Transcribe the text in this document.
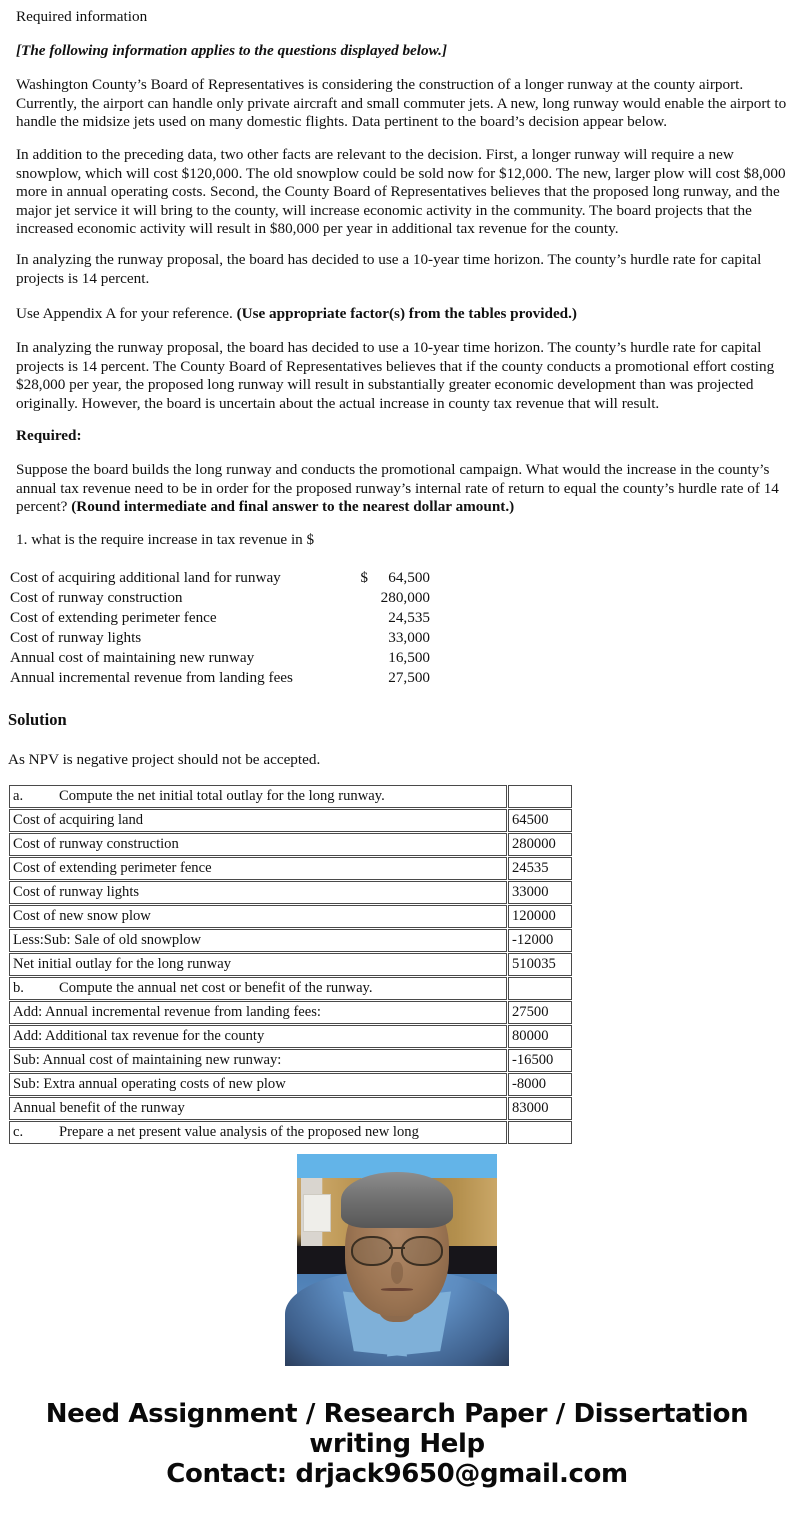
Required information
[The following information applies to the questions displayed below.]
Washington County’s Board of Representatives is considering the construction of a longer runway at the county airport. Currently, the airport can handle only private aircraft and small commuter jets. A new, long runway would enable the airport to handle the midsize jets used on many domestic flights. Data pertinent to the board’s decision appear below.
In addition to the preceding data, two other facts are relevant to the decision. First, a longer runway will require a new snowplow, which will cost $120,000. The old snowplow could be sold now for $12,000. The new, larger plow will cost $8,000 more in annual operating costs. Second, the County Board of Representatives believes that the proposed long runway, and the major jet service it will bring to the county, will increase economic activity in the community. The board projects that the increased economic activity will result in $80,000 per year in additional tax revenue for the county.
In analyzing the runway proposal, the board has decided to use a 10-year time horizon. The county’s hurdle rate for capital projects is 14 percent.
Use Appendix A for your reference. (Use appropriate factor(s) from the tables provided.)
In analyzing the runway proposal, the board has decided to use a 10-year time horizon. The county’s hurdle rate for capital projects is 14 percent. The County Board of Representatives believes that if the county conducts a promotional effort costing $28,000 per year, the proposed long runway will result in substantially greater economic development than was projected originally. However, the board is uncertain about the actual increase in county tax revenue that will result.
Required:
Suppose the board builds the long runway and conducts the promotional campaign. What would the increase in the county’s annual tax revenue need to be in order for the proposed runway’s internal rate of return to equal the county’s hurdle rate of 14 percent? (Round intermediate and final answer to the nearest dollar amount.)
1. what is the require increase in tax revenue in $
Cost of acquiring additional land for runway	$	64,500
Cost of runway construction		280,000
Cost of extending perimeter fence		24,535
Cost of runway lights		33,000
Annual cost of maintaining new runway		16,500
Annual incremental revenue from landing fees		27,500
Solution
As NPV is negative project should not be accepted.
a. Compute the net initial total outlay for the long runway.	
Cost of acquiring land	64500
Cost of runway construction	280000
Cost of extending perimeter fence	24535
Cost of runway lights	33000
Cost of new snow plow	120000
Less:Sub: Sale of old snowplow	-12000
Net initial outlay for the long runway	510035
b. Compute the annual net cost or benefit of the runway.	
Add: Annual incremental revenue from landing fees:	27500
Add: Additional tax revenue for the county	80000
Sub: Annual cost of maintaining new runway:	-16500
Sub: Extra annual operating costs of new plow	-8000
Annual benefit of the runway	83000
c. Prepare a net present value analysis of the proposed new long	
Need Assignment / Research Paper / Dissertation
writing Help
Contact: drjack9650@gmail.com
